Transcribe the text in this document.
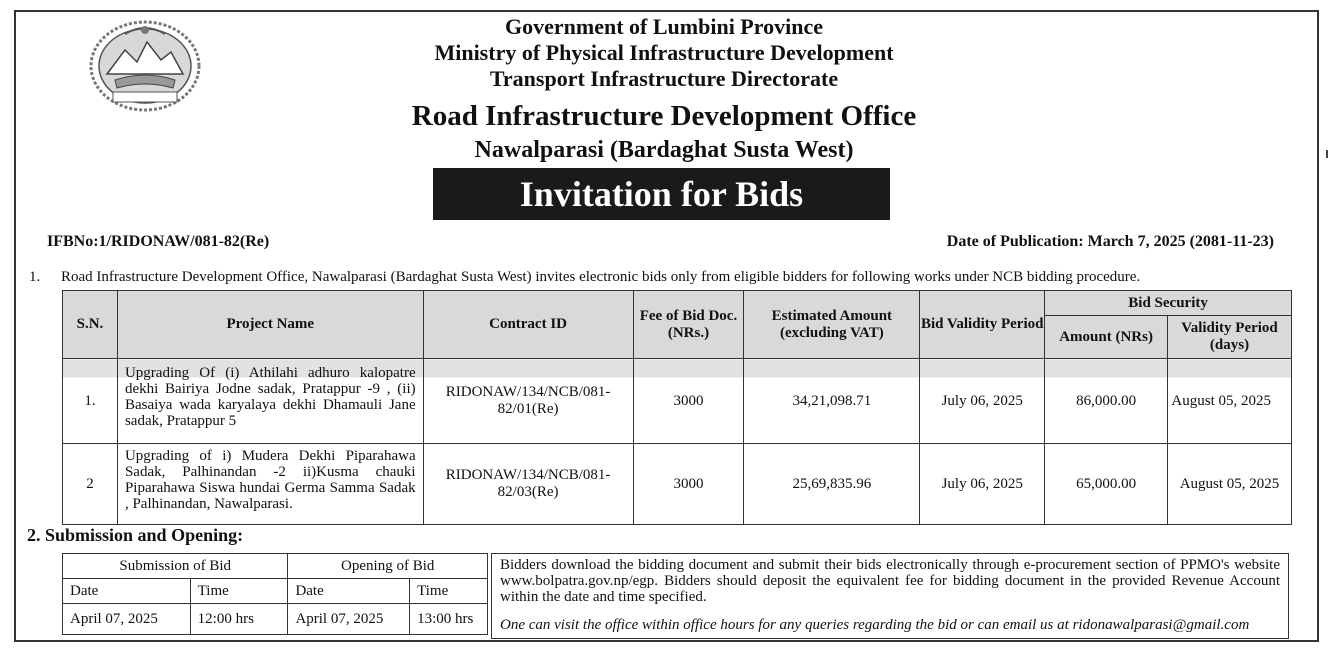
Government of Lumbini Province
Ministry of Physical Infrastructure Development
Transport Infrastructure Directorate
Road Infrastructure Development Office
Nawalparasi (Bardaghat Susta West)
Invitation for Bids
IFBNo:1/RIDONAW/081-82(Re)	Date of Publication: March 7, 2025 (2081-11-23)
1. Road Infrastructure Development Office, Nawalparasi (Bardaghat Susta West) invites electronic bids only from eligible bidders for following works under NCB bidding procedure.
S.N.	Project Name	Contract ID	Fee of Bid Doc. (NRs.)	Estimated Amount (excluding VAT)	Bid Validity Period	Bid Security	
						Amount (NRs)	Validity Period (days)
1.	Upgrading Of (i) Athilahi adhuro kalopatre dekhi Bairiya Jodne sadak, Pratappur -9 , (ii) Basaiya wada karyalaya dekhi Dhamauli Jane sadak, Pratappur 5	RIDONAW/134/NCB/081-82/01(Re)	3000	34,21,098.71	July 06, 2025	86,000.00	August 05, 2025
2	Upgrading of i) Mudera Dekhi Piparahawa Sadak, Palhinandan -2 ii)Kusma chauki Piparahawa Siswa hundai Germa Samma Sadak , Palhinandan, Nawalparasi.	RIDONAW/134/NCB/081-82/03(Re)	3000	25,69,835.96	July 06, 2025	65,000.00	August 05, 2025
2. Submission and Opening:
Submission of Bid		Opening of Bid	
Date	Time	Date	Time
April 07, 2025	12:00 hrs	April 07, 2025	13:00 hrs
Bidders download the bidding document and submit their bids electronically through e-procurement section of PPMO's website www.bolpatra.gov.np/egp. Bidders should deposit the equivalent fee for bidding document in the provided Revenue Account within the date and time specified.
One can visit the office within office hours for any queries regarding the bid or can email us at ridonawalparasi@gmail.com
